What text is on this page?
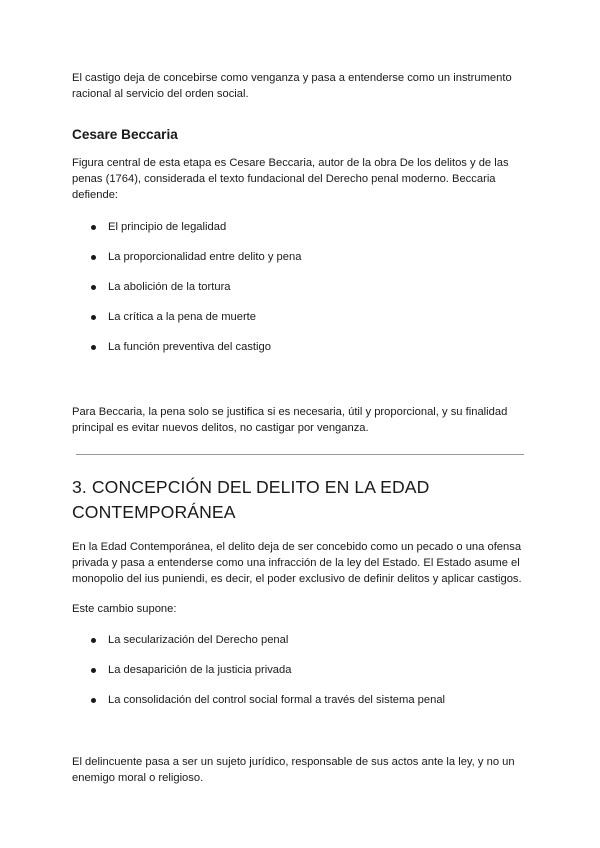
El castigo deja de concebirse como venganza y pasa a entenderse como un instrumento racional al servicio del orden social.

Cesare Beccaria

Figura central de esta etapa es Cesare Beccaria, autor de la obra De los delitos y de las penas (1764), considerada el texto fundacional del Derecho penal moderno. Beccaria defiende:

El principio de legalidad
La proporcionalidad entre delito y pena
La abolición de la tortura
La crítica a la pena de muerte
La función preventiva del castigo

Para Beccaria, la pena solo se justifica si es necesaria, útil y proporcional, y su finalidad principal es evitar nuevos delitos, no castigar por venganza.

3. CONCEPCIÓN DEL DELITO EN LA EDAD CONTEMPORÁNEA

En la Edad Contemporánea, el delito deja de ser concebido como un pecado o una ofensa privada y pasa a entenderse como una infracción de la ley del Estado. El Estado asume el monopolio del ius puniendi, es decir, el poder exclusivo de definir delitos y aplicar castigos.

Este cambio supone:

La secularización del Derecho penal
La desaparición de la justicia privada
La consolidación del control social formal a través del sistema penal

El delincuente pasa a ser un sujeto jurídico, responsable de sus actos ante la ley, y no un enemigo moral o religioso.
